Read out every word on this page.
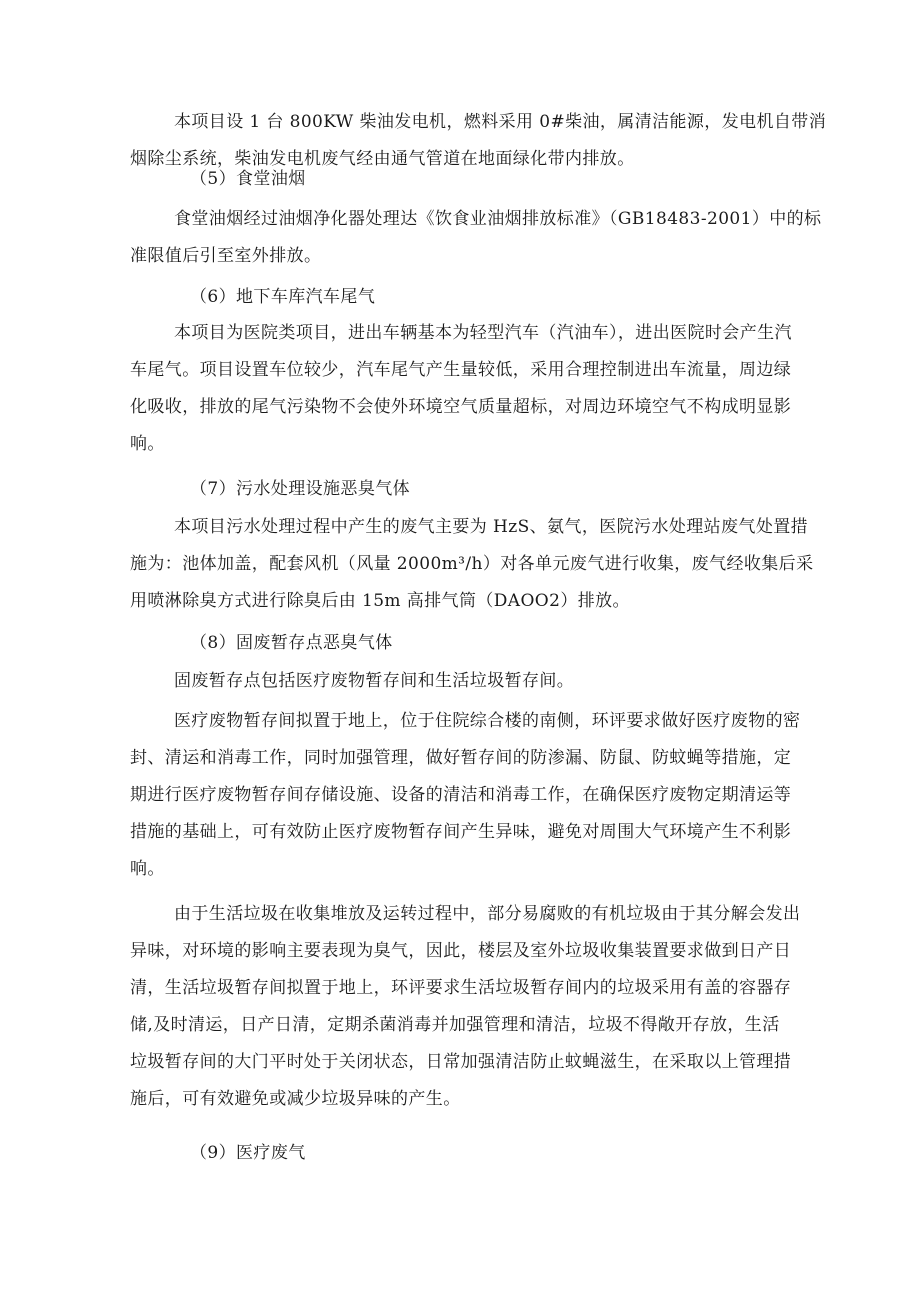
本项目设 1 台 800KW 柴油发电机，燃料采用 0#柴油，属清洁能源，发电机自带消
烟除尘系统，柴油发电机废气经由通气管道在地面绿化带内排放。
（5）食堂油烟
食堂油烟经过油烟净化器处理达《饮食业油烟排放标准》（GB18483-2001）中的标
准限值后引至室外排放。
（6）地下车库汽车尾气
本项目为医院类项目，进出车辆基本为轻型汽车（汽油车），进出医院时会产生汽
车尾气。项目设置车位较少，汽车尾气产生量较低，采用合理控制进出车流量，周边绿
化吸收，排放的尾气污染物不会使外环境空气质量超标，对周边环境空气不构成明显影
响。
（7）污水处理设施恶臭气体
本项目污水处理过程中产生的废气主要为 HzS、氨气，医院污水处理站废气处置措
施为：池体加盖，配套风机（风量 2000m³/h）对各单元废气进行收集，废气经收集后采
用喷淋除臭方式进行除臭后由 15m 高排气筒（DAOO2）排放。
（8）固废暂存点恶臭气体
固废暂存点包括医疗废物暂存间和生活垃圾暂存间。
医疗废物暂存间拟置于地上，位于住院综合楼的南侧，环评要求做好医疗废物的密
封、清运和消毒工作，同时加强管理，做好暂存间的防渗漏、防鼠、防蚊蝇等措施，定
期进行医疗废物暂存间存储设施、设备的清洁和消毒工作，在确保医疗废物定期清运等
措施的基础上，可有效防止医疗废物暂存间产生异味，避免对周围大气环境产生不利影
响。
由于生活垃圾在收集堆放及运转过程中，部分易腐败的有机垃圾由于其分解会发出
异味，对环境的影响主要表现为臭气，因此，楼层及室外垃圾收集装置要求做到日产日
清，生活垃圾暂存间拟置于地上，环评要求生活垃圾暂存间内的垃圾采用有盖的容器存
储,及时清运，日产日清，定期杀菌消毒并加强管理和清洁，垃圾不得敞开存放，生活
垃圾暂存间的大门平时处于关闭状态，日常加强清洁防止蚊蝇滋生，在采取以上管理措
施后，可有效避免或减少垃圾异味的产生。
（9）医疗废气
